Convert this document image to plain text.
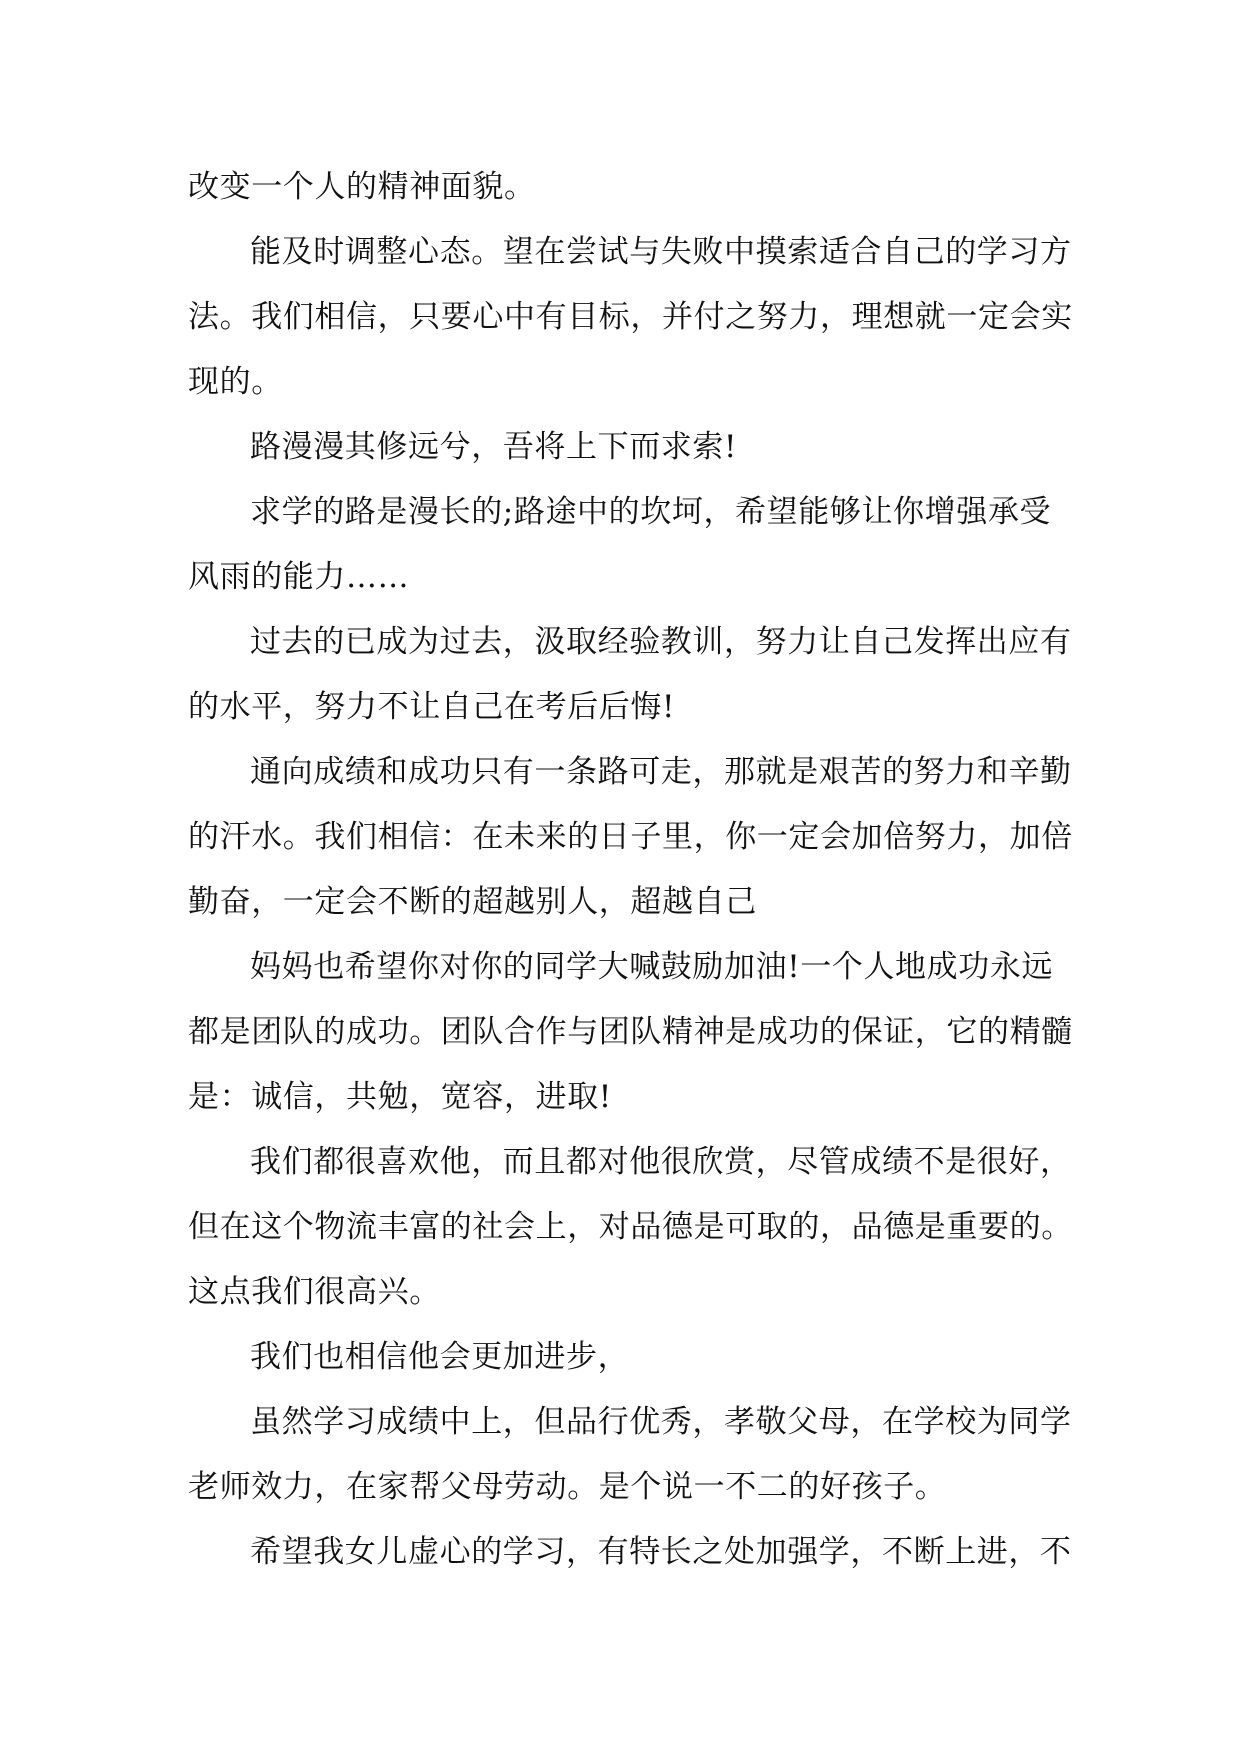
改变一个人的精神面貌。
能及时调整心态。望在尝试与失败中摸索适合自己的学习方
法。我们相信，只要心中有目标，并付之努力，理想就一定会实
现的。
路漫漫其修远兮，吾将上下而求索!
求学的路是漫长的;路途中的坎坷，希望能够让你增强承受
风雨的能力……
过去的已成为过去，汲取经验教训，努力让自己发挥出应有
的水平，努力不让自己在考后后悔!
通向成绩和成功只有一条路可走，那就是艰苦的努力和辛勤
的汗水。我们相信：在未来的日子里，你一定会加倍努力，加倍
勤奋，一定会不断的超越别人，超越自己
妈妈也希望你对你的同学大喊鼓励加油!一个人地成功永远
都是团队的成功。团队合作与团队精神是成功的保证，它的精髓
是：诚信，共勉，宽容，进取!
我们都很喜欢他，而且都对他很欣赏，尽管成绩不是很好，
但在这个物流丰富的社会上，对品德是可取的，品德是重要的。
这点我们很高兴。
我们也相信他会更加进步，
虽然学习成绩中上，但品行优秀，孝敬父母，在学校为同学
老师效力，在家帮父母劳动。是个说一不二的好孩子。
希望我女儿虚心的学习，有特长之处加强学，不断上进，不
